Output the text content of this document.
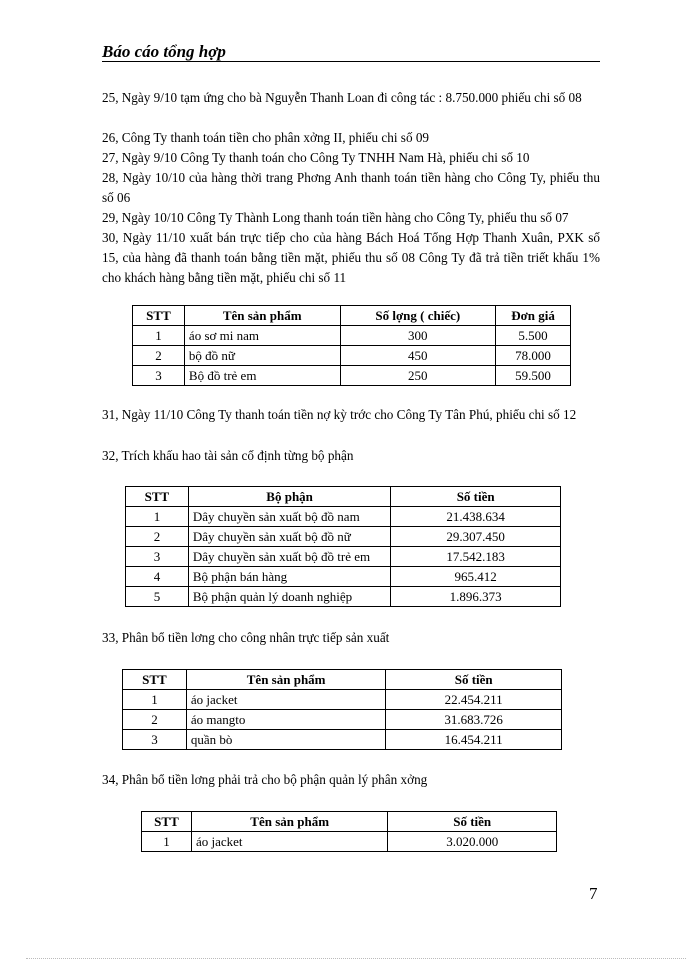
Báo cáo tổng hợp
25, Ngày 9/10 tạm ứng cho bà Nguyễn Thanh Loan đi công tác : 8.750.000 phiếu chi số 08
26, Công Ty thanh toán tiền cho phân xởng II, phiếu chi số 09
27, Ngày 9/10 Công Ty thanh toán cho Công Ty TNHH Nam Hà, phiếu chi số 10
28, Ngày 10/10 của hàng thời trang Phơng Anh thanh toán tiền hàng cho Công Ty, phiếu thu số 06
29, Ngày 10/10 Công Ty Thành Long thanh toán tiền hàng cho Công Ty, phiếu thu số 07
30, Ngày 11/10 xuất bán trực tiếp cho của hàng Bách Hoá Tổng Hợp Thanh Xuân, PXK số 15, của hàng đã thanh toán bằng tiền mặt, phiếu thu số 08 Công Ty đã trả tiền triết khấu 1% cho khách hàng bằng tiền mặt, phiếu chi số 11
STT	Tên sản phẩm	Số lợng ( chiếc)	Đơn giá
1	áo sơ mi nam	300	5.500
2	bộ đồ nữ	450	78.000
3	Bộ đồ trẻ em	250	59.500
31, Ngày 11/10 Công Ty thanh toán tiền nợ kỳ trớc cho Công Ty Tân Phú, phiếu chi số 12
32, Trích khấu hao tài sản cố định từng bộ phận
STT	Bộ phận	Số tiền
1	Dây chuyền sản xuất bộ đồ nam	21.438.634
2	Dây chuyền sản xuất bộ đồ nữ	29.307.450
3	Dây chuyền sản xuất bộ đồ trẻ em	17.542.183
4	Bộ phận bán hàng	965.412
5	Bộ phận quản lý doanh nghiệp	1.896.373
33, Phân bổ tiền lơng cho công nhân trực tiếp sản xuất
STT	Tên sản phẩm	Số tiền
1	áo jacket	22.454.211
2	áo mangto	31.683.726
3	quần bò	16.454.211
34, Phân bổ tiền lơng phải trả cho bộ phận quản lý phân xởng
STT	Tên sản phẩm	Số tiền
1	áo jacket	3.020.000
7
